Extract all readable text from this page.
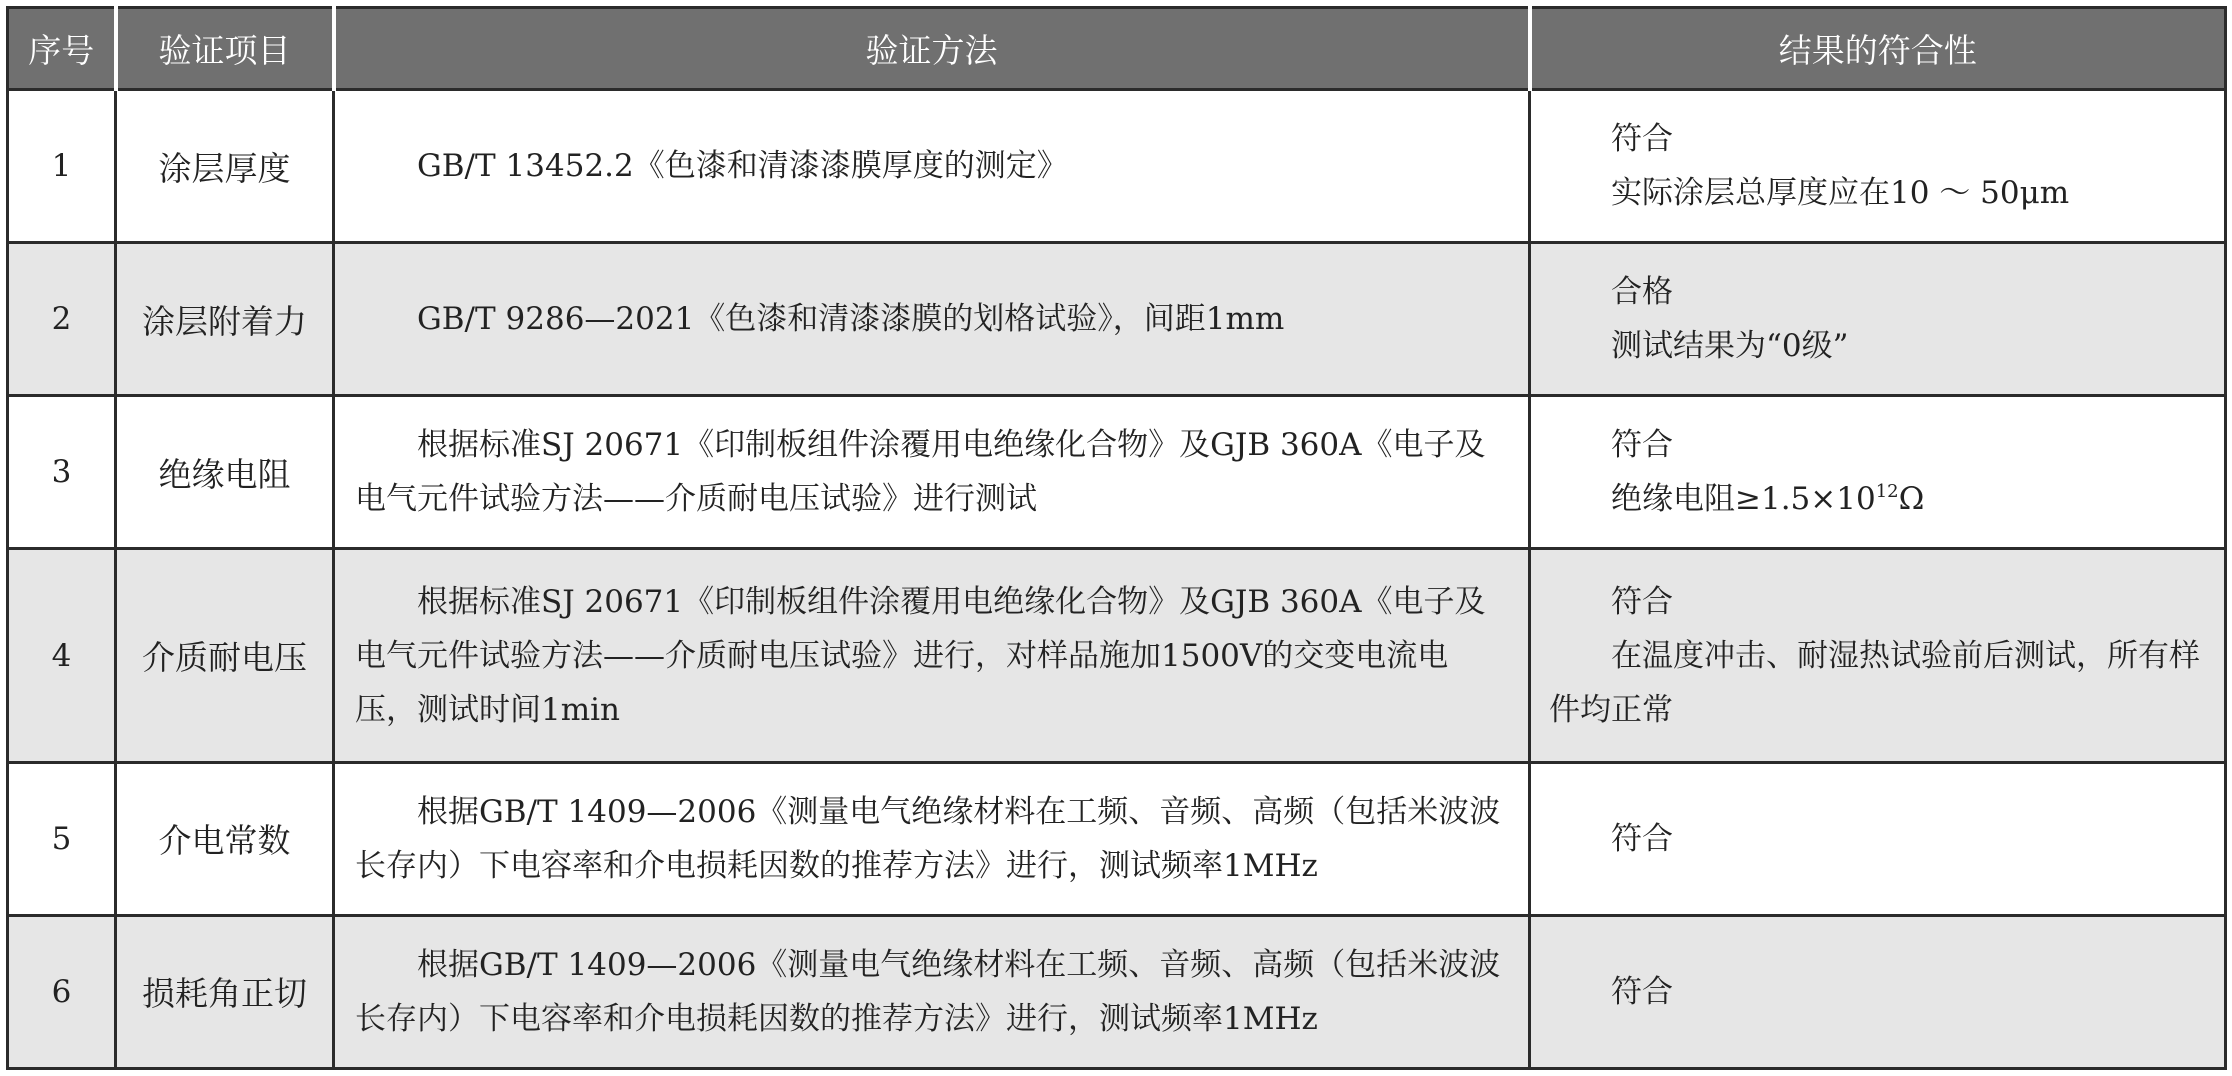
序号	验证项目	验证方法	结果的符合性
1	涂层厚度	GB/T 13452.2《色漆和清漆漆膜厚度的测定》	符合
实际涂层总厚度应在10 ～ 50μm

2	涂层附着力	GB/T 9286—2021《色漆和清漆漆膜的划格试验》，间距1mm	合格
测试结果为“0级”

3	绝缘电阻	根据标准SJ 20671《印制板组件涂覆用电绝缘化合物》及GJB 360A《电子及电气元件试验方法——介质耐电压试验》进行测试	符合
绝缘电阻$\ge 1.5\times 10^{12}\Omega$

4	介质耐电压	根据标准SJ 20671《印制板组件涂覆用电绝缘化合物》及GJB 360A《电子及电气元件试验方法——介质耐电压试验》进行，对样品施加1500V的交变电流电压，测试时间1min	符合
在温度冲击、耐湿热试验前后测试，所有样件均正常

5	介电常数	根据GB/T 1409—2006《测量电气绝缘材料在工频、音频、高频（包括米波波长存内）下电容率和介电损耗因数的推荐方法》进行，测试频率1MHz	符合

6	损耗角正切	根据GB/T 1409—2006《测量电气绝缘材料在工频、音频、高频（包括米波波长存内）下电容率和介电损耗因数的推荐方法》进行，测试频率1MHz	符合
